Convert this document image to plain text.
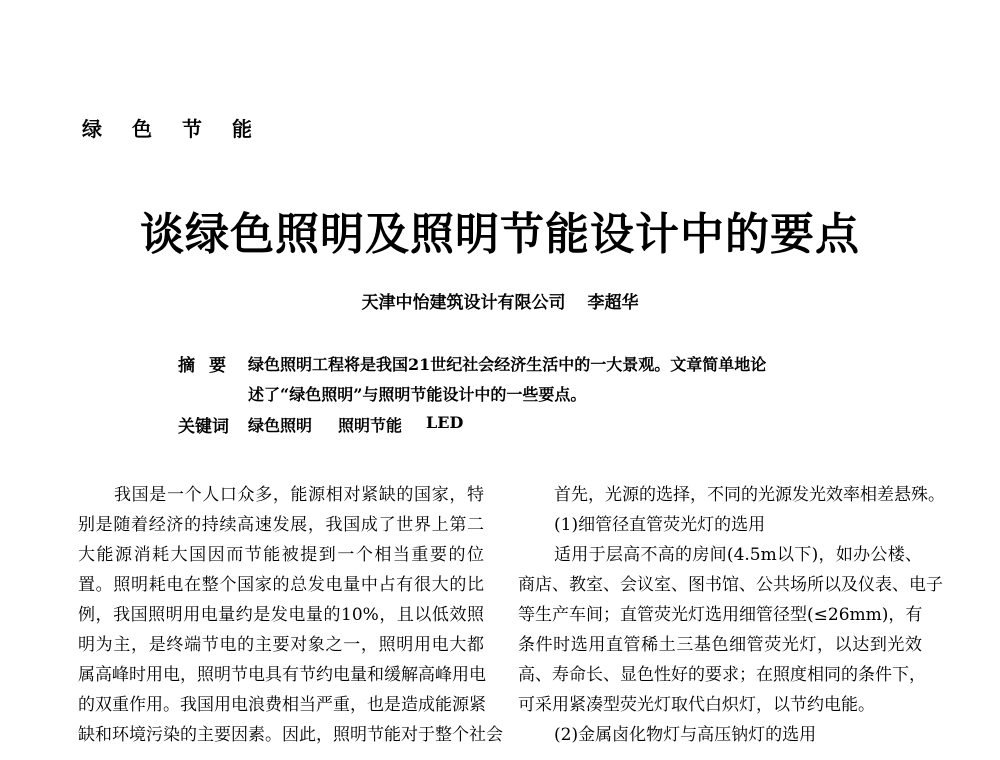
绿色节能
谈绿色照明及照明节能设计中的要点
天津中怡建筑设计有限公司 李超华
摘要 绿色照明工程将是我国21世纪社会经济生活中的一大景观。文章简单地论
述了“绿色照明”与照明节能设计中的一些要点。
关键词 绿色照明 照明节能 LED
我国是一个人口众多，能源相对紧缺的国家，特
别是随着经济的持续高速发展，我国成了世界上第二
大能源消耗大国因而节能被提到一个相当重要的位
置。照明耗电在整个国家的总发电量中占有很大的比
例，我国照明用电量约是发电量的10%，且以低效照
明为主，是终端节电的主要对象之一，照明用电大都
属高峰时用电，照明节电具有节约电量和缓解高峰用电
的双重作用。我国用电浪费相当严重，也是造成能源紧
缺和环境污染的主要因素。因此，照明节能对于整个社会
首先，光源的选择，不同的光源发光效率相差悬殊。
(1)细管径直管荧光灯的选用
适用于层高不高的房间(4.5m以下)，如办公楼、
商店、教室、会议室、图书馆、公共场所以及仪表、电子
等生产车间；直管荧光灯选用细管径型(≤26mm)，有
条件时选用直管稀土三基色细管荧光灯，以达到光效
高、寿命长、显色性好的要求；在照度相同的条件下，
可采用紧凑型荧光灯取代白炽灯，以节约电能。
(2)金属卤化物灯与高压钠灯的选用
